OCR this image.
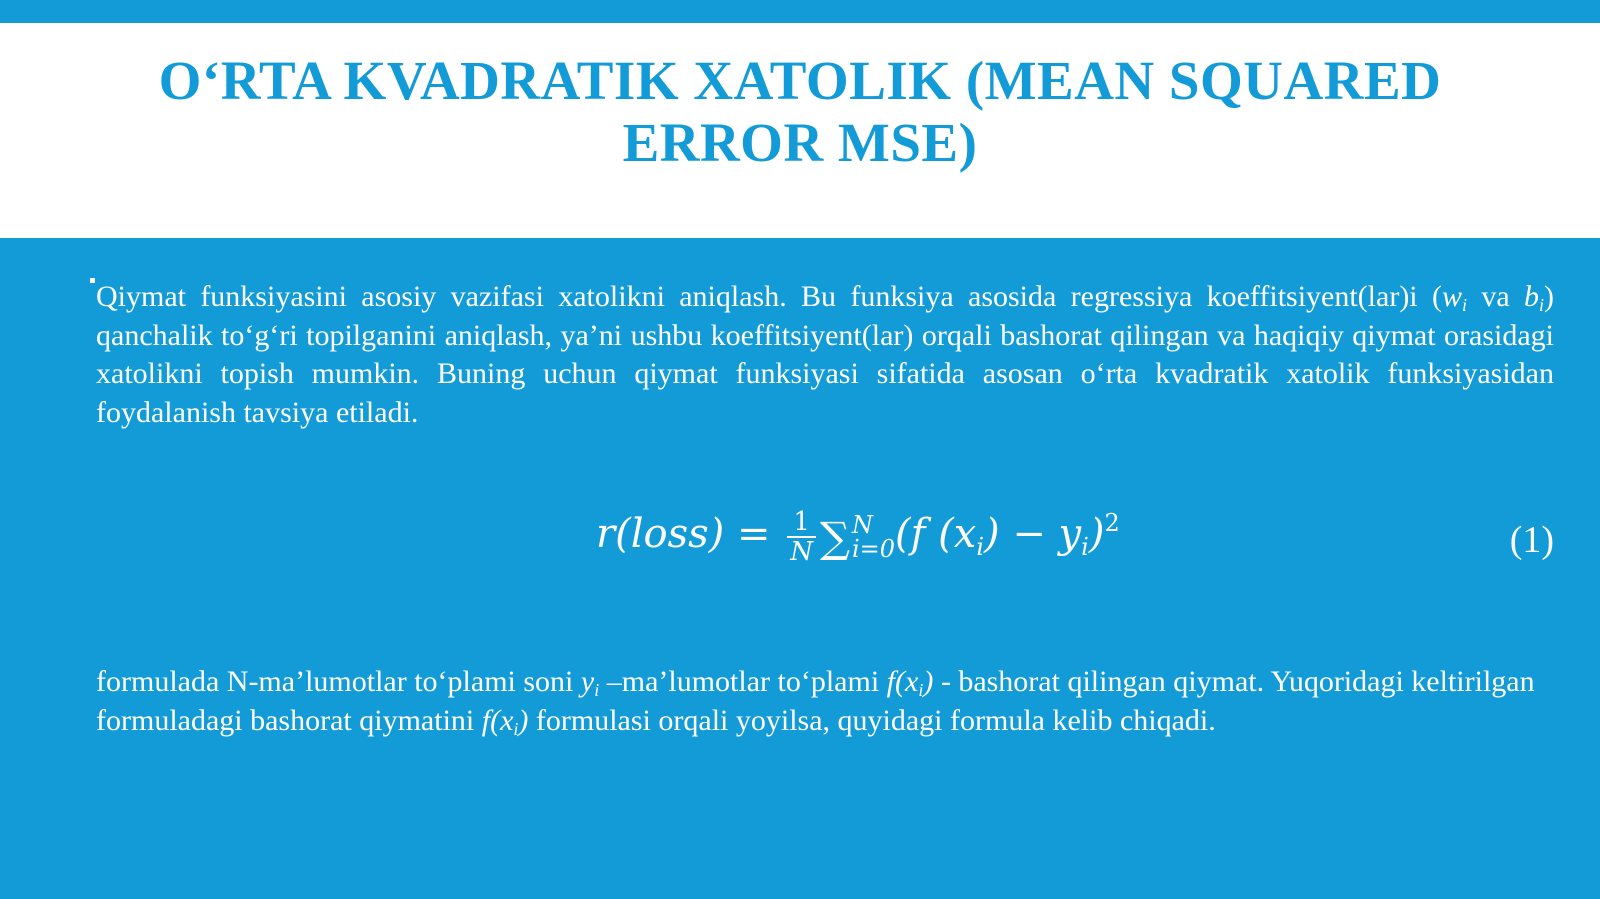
O‘RTA KVADRATIK XATOLIK (MEAN SQUARED
ERROR MSE)
Qiymat funksiyasini asosiy vazifasi xatolikni aniqlash. Bu funksiya asosida regressiya koeffitsiyent(lar)i ($w_i$ va $b_i$) qanchalik to‘g‘ri topilganini aniqlash, ya’ni ushbu koeffitsiyent(lar) orqali bashorat qilingan va haqiqiy qiymat orasidagi xatolikni topish mumkin. Buning uchun qiymat funksiyasi sifatida asosan o‘rta kvadratik xatolik funksiyasidan foydalanish tavsiya etiladi.
r(loss) = $\frac{1}{N}$ ∑ N
i=0 (f $(x_i) - y_i)^2$	(1)
formulada N-ma’lumotlar to‘plami soni $y_i$ –ma’lumotlar to‘plami $f(x_i)$ - bashorat qilingan qiymat. Yuqoridagi keltirilgan formuladagi bashorat qiymatini $f(x_i)$ formulasi orqali yoyilsa, quyidagi formula kelib chiqadi.
